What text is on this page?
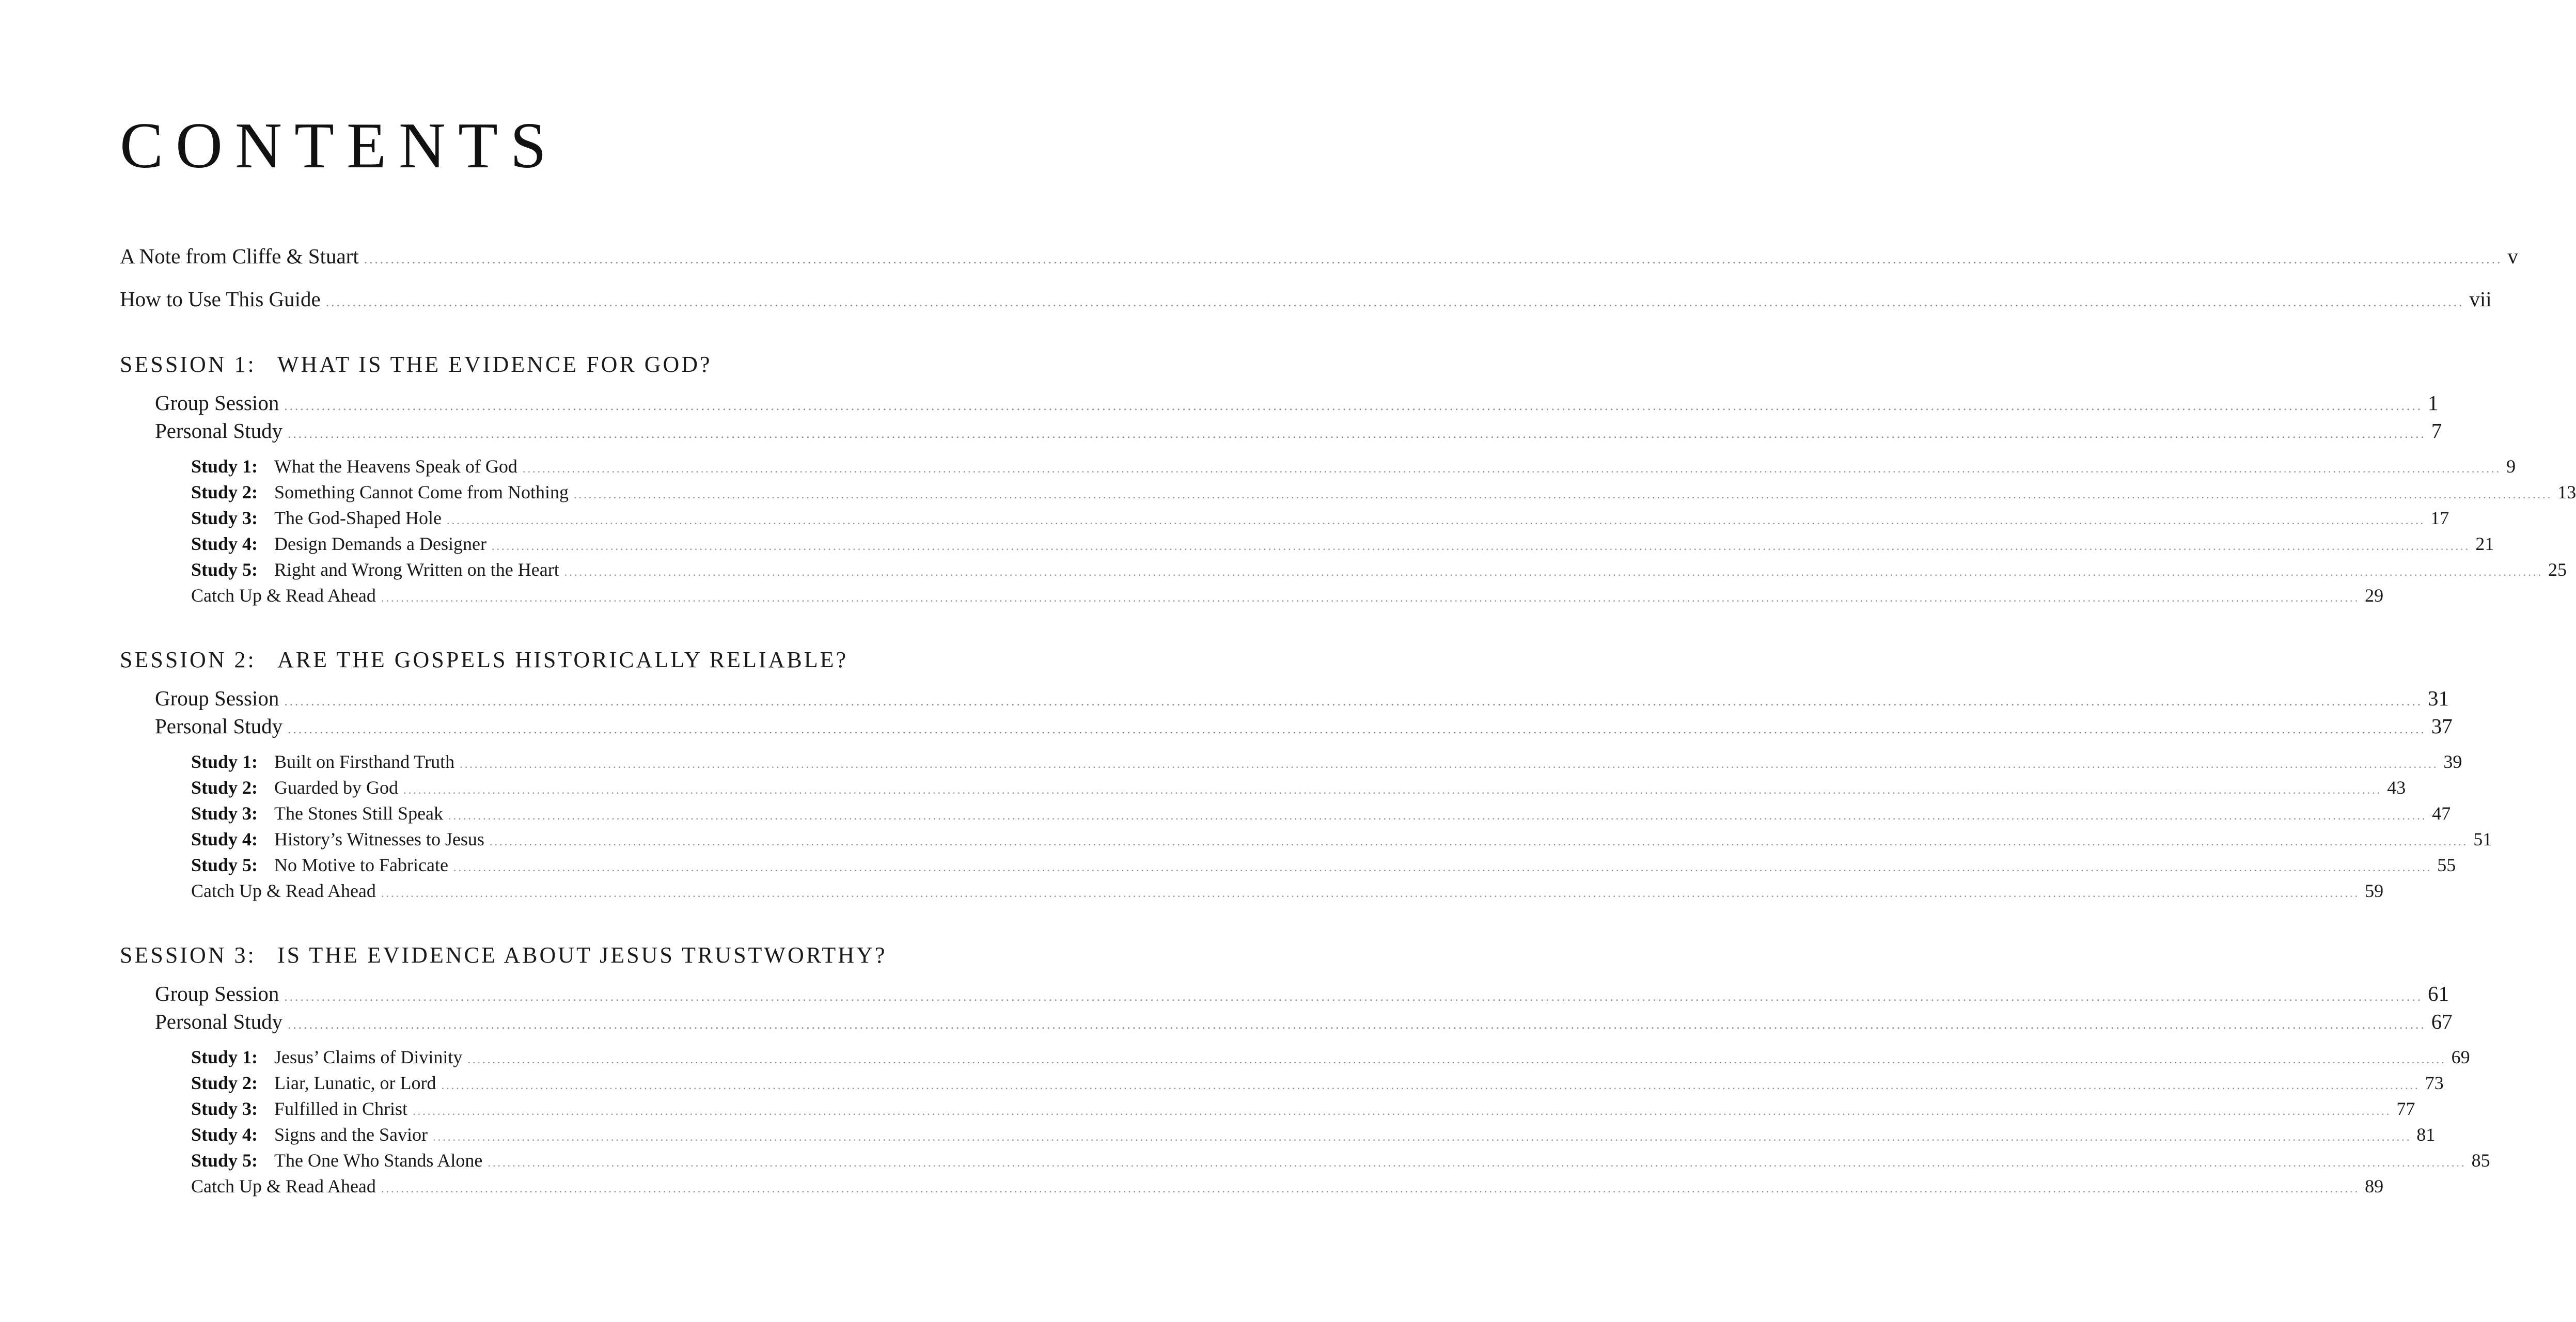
CONTENTS
A Note from Cliffe & Stuart ................................................................................................................................................................................................................................................................................................................................................................................................................ v
How to Use This Guide ................................................................................................................................................................................................................................................................................................................................................................................................................ vii
SESSION 1: WHAT IS THE EVIDENCE FOR GOD?
Group Session ................................................................................................................................................................................................................................................................................................................................................................................................................ 1
Personal Study ................................................................................................................................................................................................................................................................................................................................................................................................................ 7
Study 1: What the Heavens Speak of God ................................................................................................................................................................................................................................................................................................................................................................................................................ 9
Study 2: Something Cannot Come from Nothing ................................................................................................................................................................................................................................................................................................................................................................................................................ 13
Study 3: The God-Shaped Hole ................................................................................................................................................................................................................................................................................................................................................................................................................ 17
Study 4: Design Demands a Designer ................................................................................................................................................................................................................................................................................................................................................................................................................ 21
Study 5: Right and Wrong Written on the Heart ................................................................................................................................................................................................................................................................................................................................................................................................................ 25
Catch Up & Read Ahead ................................................................................................................................................................................................................................................................................................................................................................................................................ 29
SESSION 2: ARE THE GOSPELS HISTORICALLY RELIABLE?
Group Session ................................................................................................................................................................................................................................................................................................................................................................................................................ 31
Personal Study ................................................................................................................................................................................................................................................................................................................................................................................................................ 37
Study 1: Built on Firsthand Truth ................................................................................................................................................................................................................................................................................................................................................................................................................ 39
Study 2: Guarded by God ................................................................................................................................................................................................................................................................................................................................................................................................................ 43
Study 3: The Stones Still Speak ................................................................................................................................................................................................................................................................................................................................................................................................................ 47
Study 4: History’s Witnesses to Jesus ................................................................................................................................................................................................................................................................................................................................................................................................................ 51
Study 5: No Motive to Fabricate ................................................................................................................................................................................................................................................................................................................................................................................................................ 55
Catch Up & Read Ahead ................................................................................................................................................................................................................................................................................................................................................................................................................ 59
SESSION 3: IS THE EVIDENCE ABOUT JESUS TRUSTWORTHY?
Group Session ................................................................................................................................................................................................................................................................................................................................................................................................................ 61
Personal Study ................................................................................................................................................................................................................................................................................................................................................................................................................ 67
Study 1: Jesus’ Claims of Divinity ................................................................................................................................................................................................................................................................................................................................................................................................................ 69
Study 2: Liar, Lunatic, or Lord ................................................................................................................................................................................................................................................................................................................................................................................................................ 73
Study 3: Fulfilled in Christ ................................................................................................................................................................................................................................................................................................................................................................................................................ 77
Study 4: Signs and the Savior ................................................................................................................................................................................................................................................................................................................................................................................................................ 81
Study 5: The One Who Stands Alone ................................................................................................................................................................................................................................................................................................................................................................................................................ 85
Catch Up & Read Ahead ................................................................................................................................................................................................................................................................................................................................................................................................................ 89
